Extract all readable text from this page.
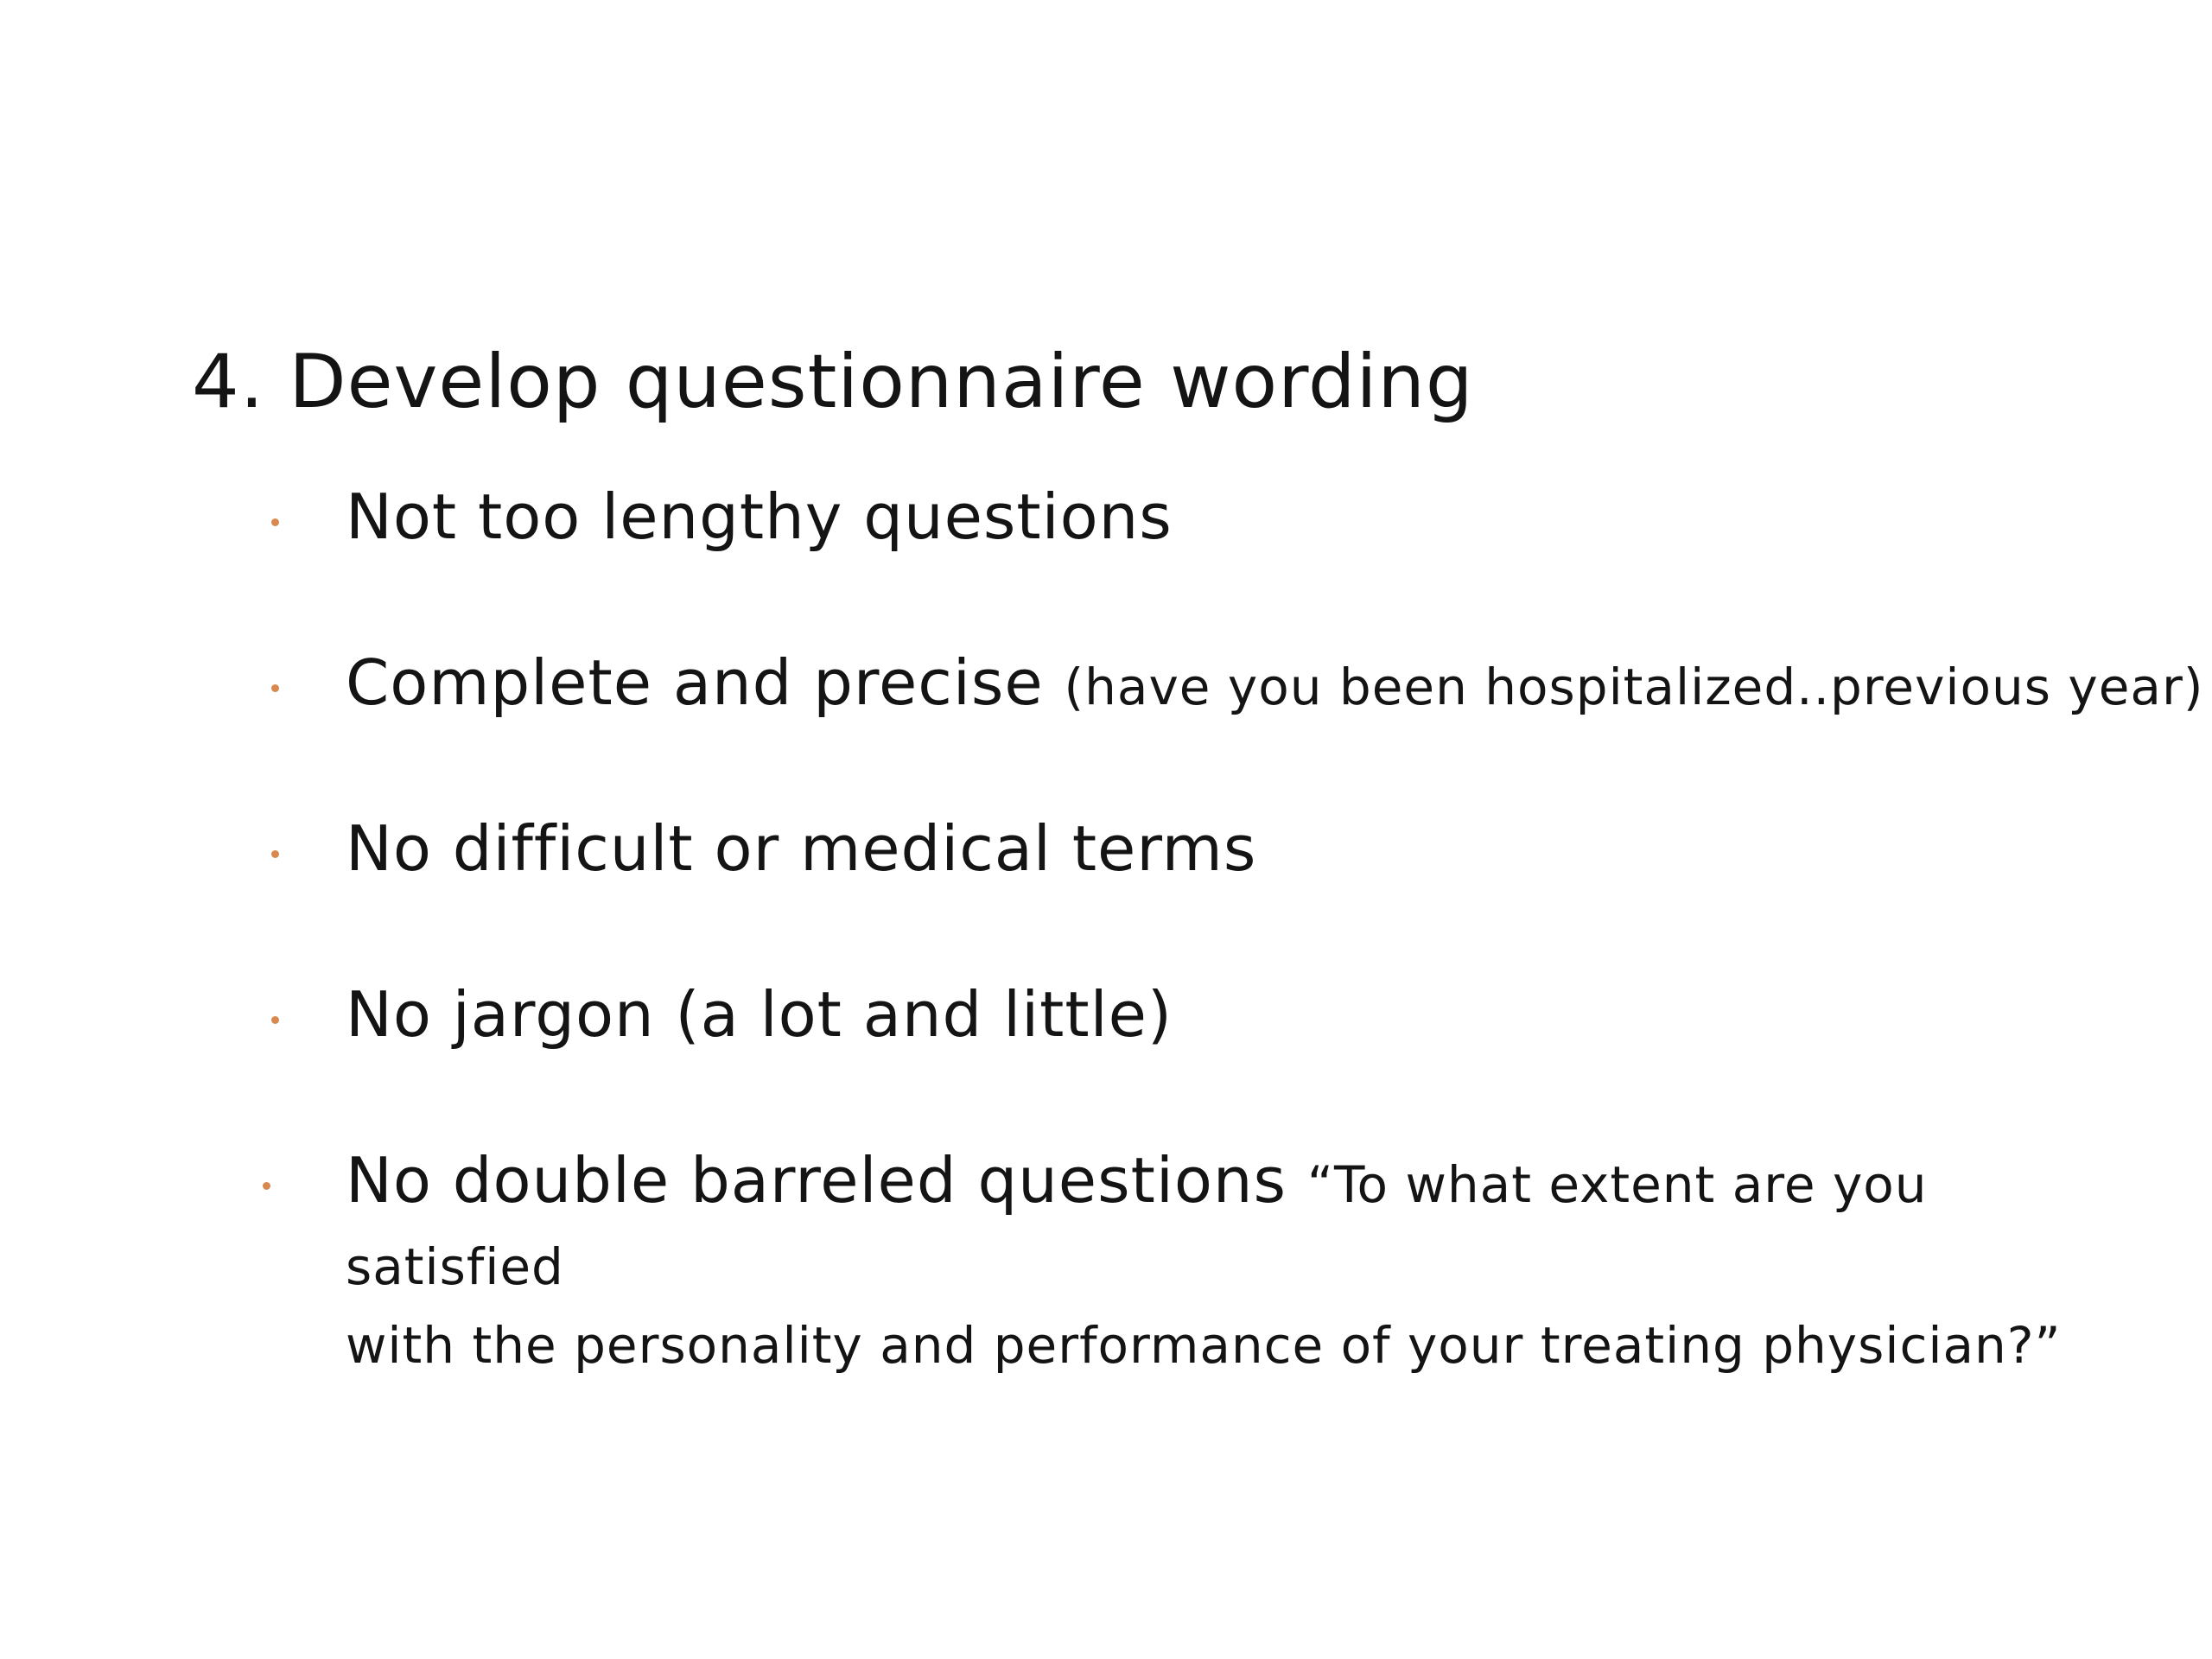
4. Develop questionnaire wording
Not too lengthy questions
Complete and precise (have you been hospitalized..previous year)
No difficult or medical terms
No jargon (a lot and little)
No double barreled questions “To what extent are you satisfied
with the personality and performance of your treating physician?”
